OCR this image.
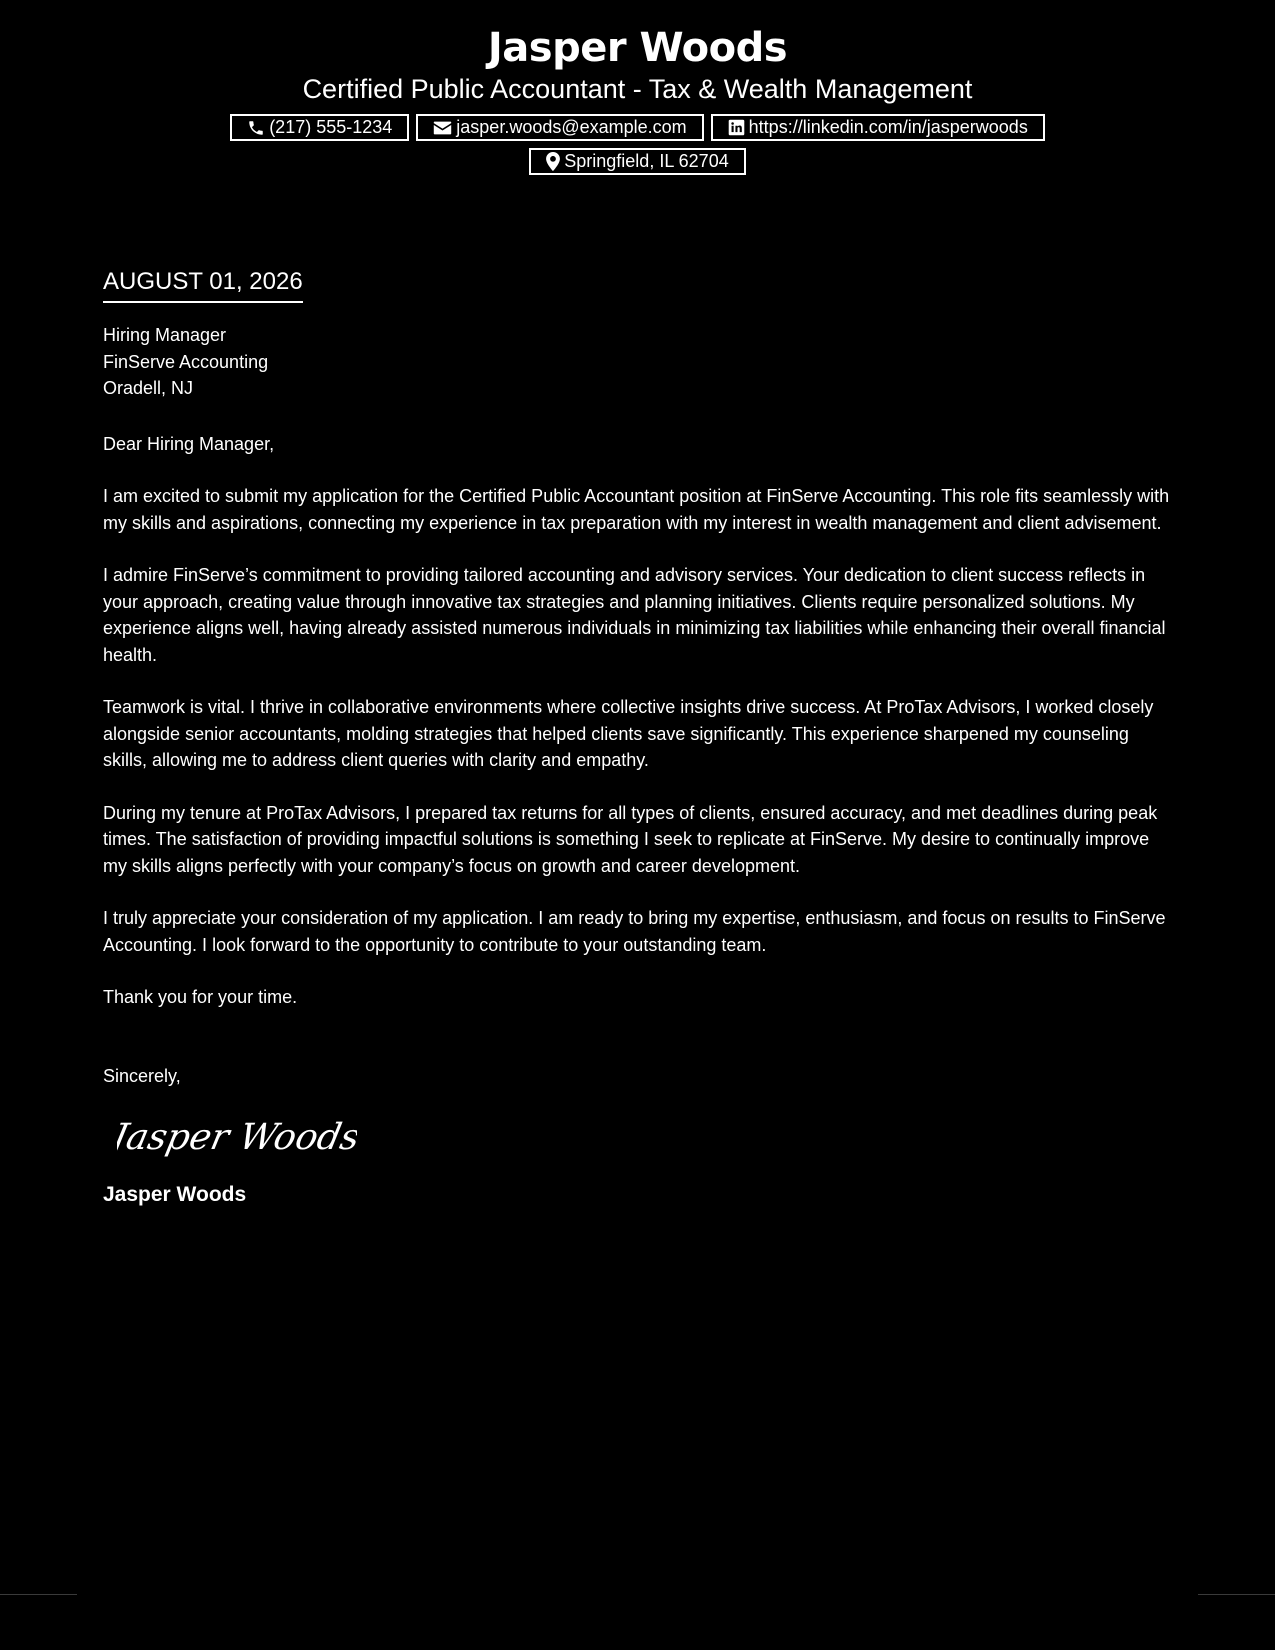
Jasper Woods
Certified Public Accountant - Tax & Wealth Management
(217) 555-1234	jasper.woods@example.com	https://linkedin.com/in/jasperwoods
Springfield, IL 62704
AUGUST 01, 2026
Hiring Manager
FinServe Accounting
Oradell, NJ
Dear Hiring Manager,
I am excited to submit my application for the Certified Public Accountant position at FinServe Accounting. This role fits seamlessly with my skills and aspirations, connecting my experience in tax preparation with my interest in wealth management and client advisement.
I admire FinServe’s commitment to providing tailored accounting and advisory services. Your dedication to client success reflects in your approach, creating value through innovative tax strategies and planning initiatives. Clients require personalized solutions. My experience aligns well, having already assisted numerous individuals in minimizing tax liabilities while enhancing their overall financial health.
Teamwork is vital. I thrive in collaborative environments where collective insights drive success. At ProTax Advisors, I worked closely alongside senior accountants, molding strategies that helped clients save significantly. This experience sharpened my counseling skills, allowing me to address client queries with clarity and empathy.
During my tenure at ProTax Advisors, I prepared tax returns for all types of clients, ensured accuracy, and met deadlines during peak times. The satisfaction of providing impactful solutions is something I seek to replicate at FinServe. My desire to continually improve my skills aligns perfectly with your company’s focus on growth and career development.
I truly appreciate your consideration of my application. I am ready to bring my expertise, enthusiasm, and focus on results to FinServe Accounting. I look forward to the opportunity to contribute to your outstanding team.
Thank you for your time.
Sincerely,
Jasper Woods
Jasper Woods
